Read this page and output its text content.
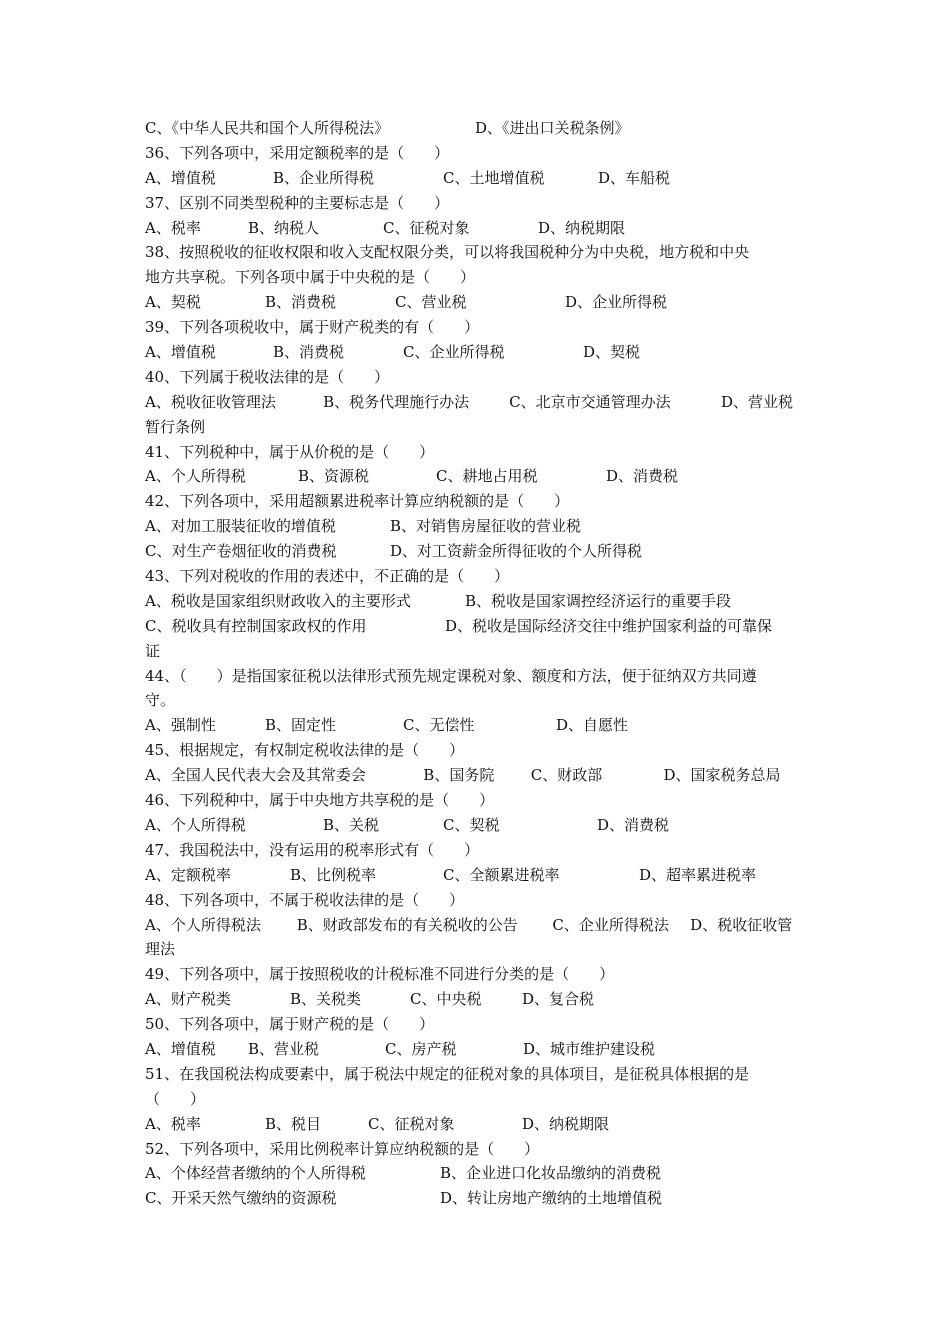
C、《中华人民共和国个人所得税法》	D、《进出口关税条例》
36、下列各项中，采用定额税率的是（　　）
A、增值税	B、企业所得税	C、土地增值税	D、车船税
37、区别不同类型税种的主要标志是（　　）
A、税率	B、纳税人	C、征税对象	D、纳税期限
38、按照税收的征收权限和收入支配权限分类，可以将我国税种分为中央税，地方税和中央
地方共享税。下列各项中属于中央税的是（　　）
A、契税	B、消费税	C、营业税	D、企业所得税
39、下列各项税收中，属于财产税类的有（　　）
A、增值税	B、消费税	C、企业所得税	D、契税
40、下列属于税收法律的是（　　）
A、税收征收管理法	B、税务代理施行办法	C、北京市交通管理办法	D、营业税
暂行条例
41、下列税种中，属于从价税的是（　　）
A、个人所得税	B、资源税	C、耕地占用税	D、消费税
42、下列各项中，采用超额累进税率计算应纳税额的是（　　）
A、对加工服装征收的增值税	B、对销售房屋征收的营业税
C、对生产卷烟征收的消费税	D、对工资薪金所得征收的个人所得税
43、下列对税收的作用的表述中，不正确的是（　　）
A、税收是国家组织财政收入的主要形式	B、税收是国家调控经济运行的重要手段
C、税收具有控制国家政权的作用	D、税收是国际经济交往中维护国家利益的可靠保
证
44、（　　）是指国家征税以法律形式预先规定课税对象、额度和方法，便于征纳双方共同遵
守。
A、强制性	B、固定性	C、无偿性	D、自愿性
45、根据规定，有权制定税收法律的是（　　）
A、全国人民代表大会及其常委会	B、国务院	C、财政部	D、国家税务总局
46、下列税种中，属于中央地方共享税的是（　　）
A、个人所得税	B、关税	C、契税	D、消费税
47、我国税法中，没有运用的税率形式有（　　）
A、定额税率	B、比例税率	C、全额累进税率	D、超率累进税率
48、下列各项中，不属于税收法律的是（　　）
A、个人所得税法	B、财政部发布的有关税收的公告	C、企业所得税法	D、税收征收管
理法
49、下列各项中，属于按照税收的计税标准不同进行分类的是（　　）
A、财产税类	B、关税类	C、中央税	D、复合税
50、下列各项中，属于财产税的是（　　）
A、增值税	B、营业税	C、房产税	D、城市维护建设税
51、在我国税法构成要素中，属于税法中规定的征税对象的具体项目，是征税具体根据的是
（　　）
A、税率	B、税目	C、征税对象	D、纳税期限
52、下列各项中，采用比例税率计算应纳税额的是（　　）
A、个体经营者缴纳的个人所得税	B、企业进口化妆品缴纳的消费税
C、开采天然气缴纳的资源税	D、转让房地产缴纳的土地增值税
